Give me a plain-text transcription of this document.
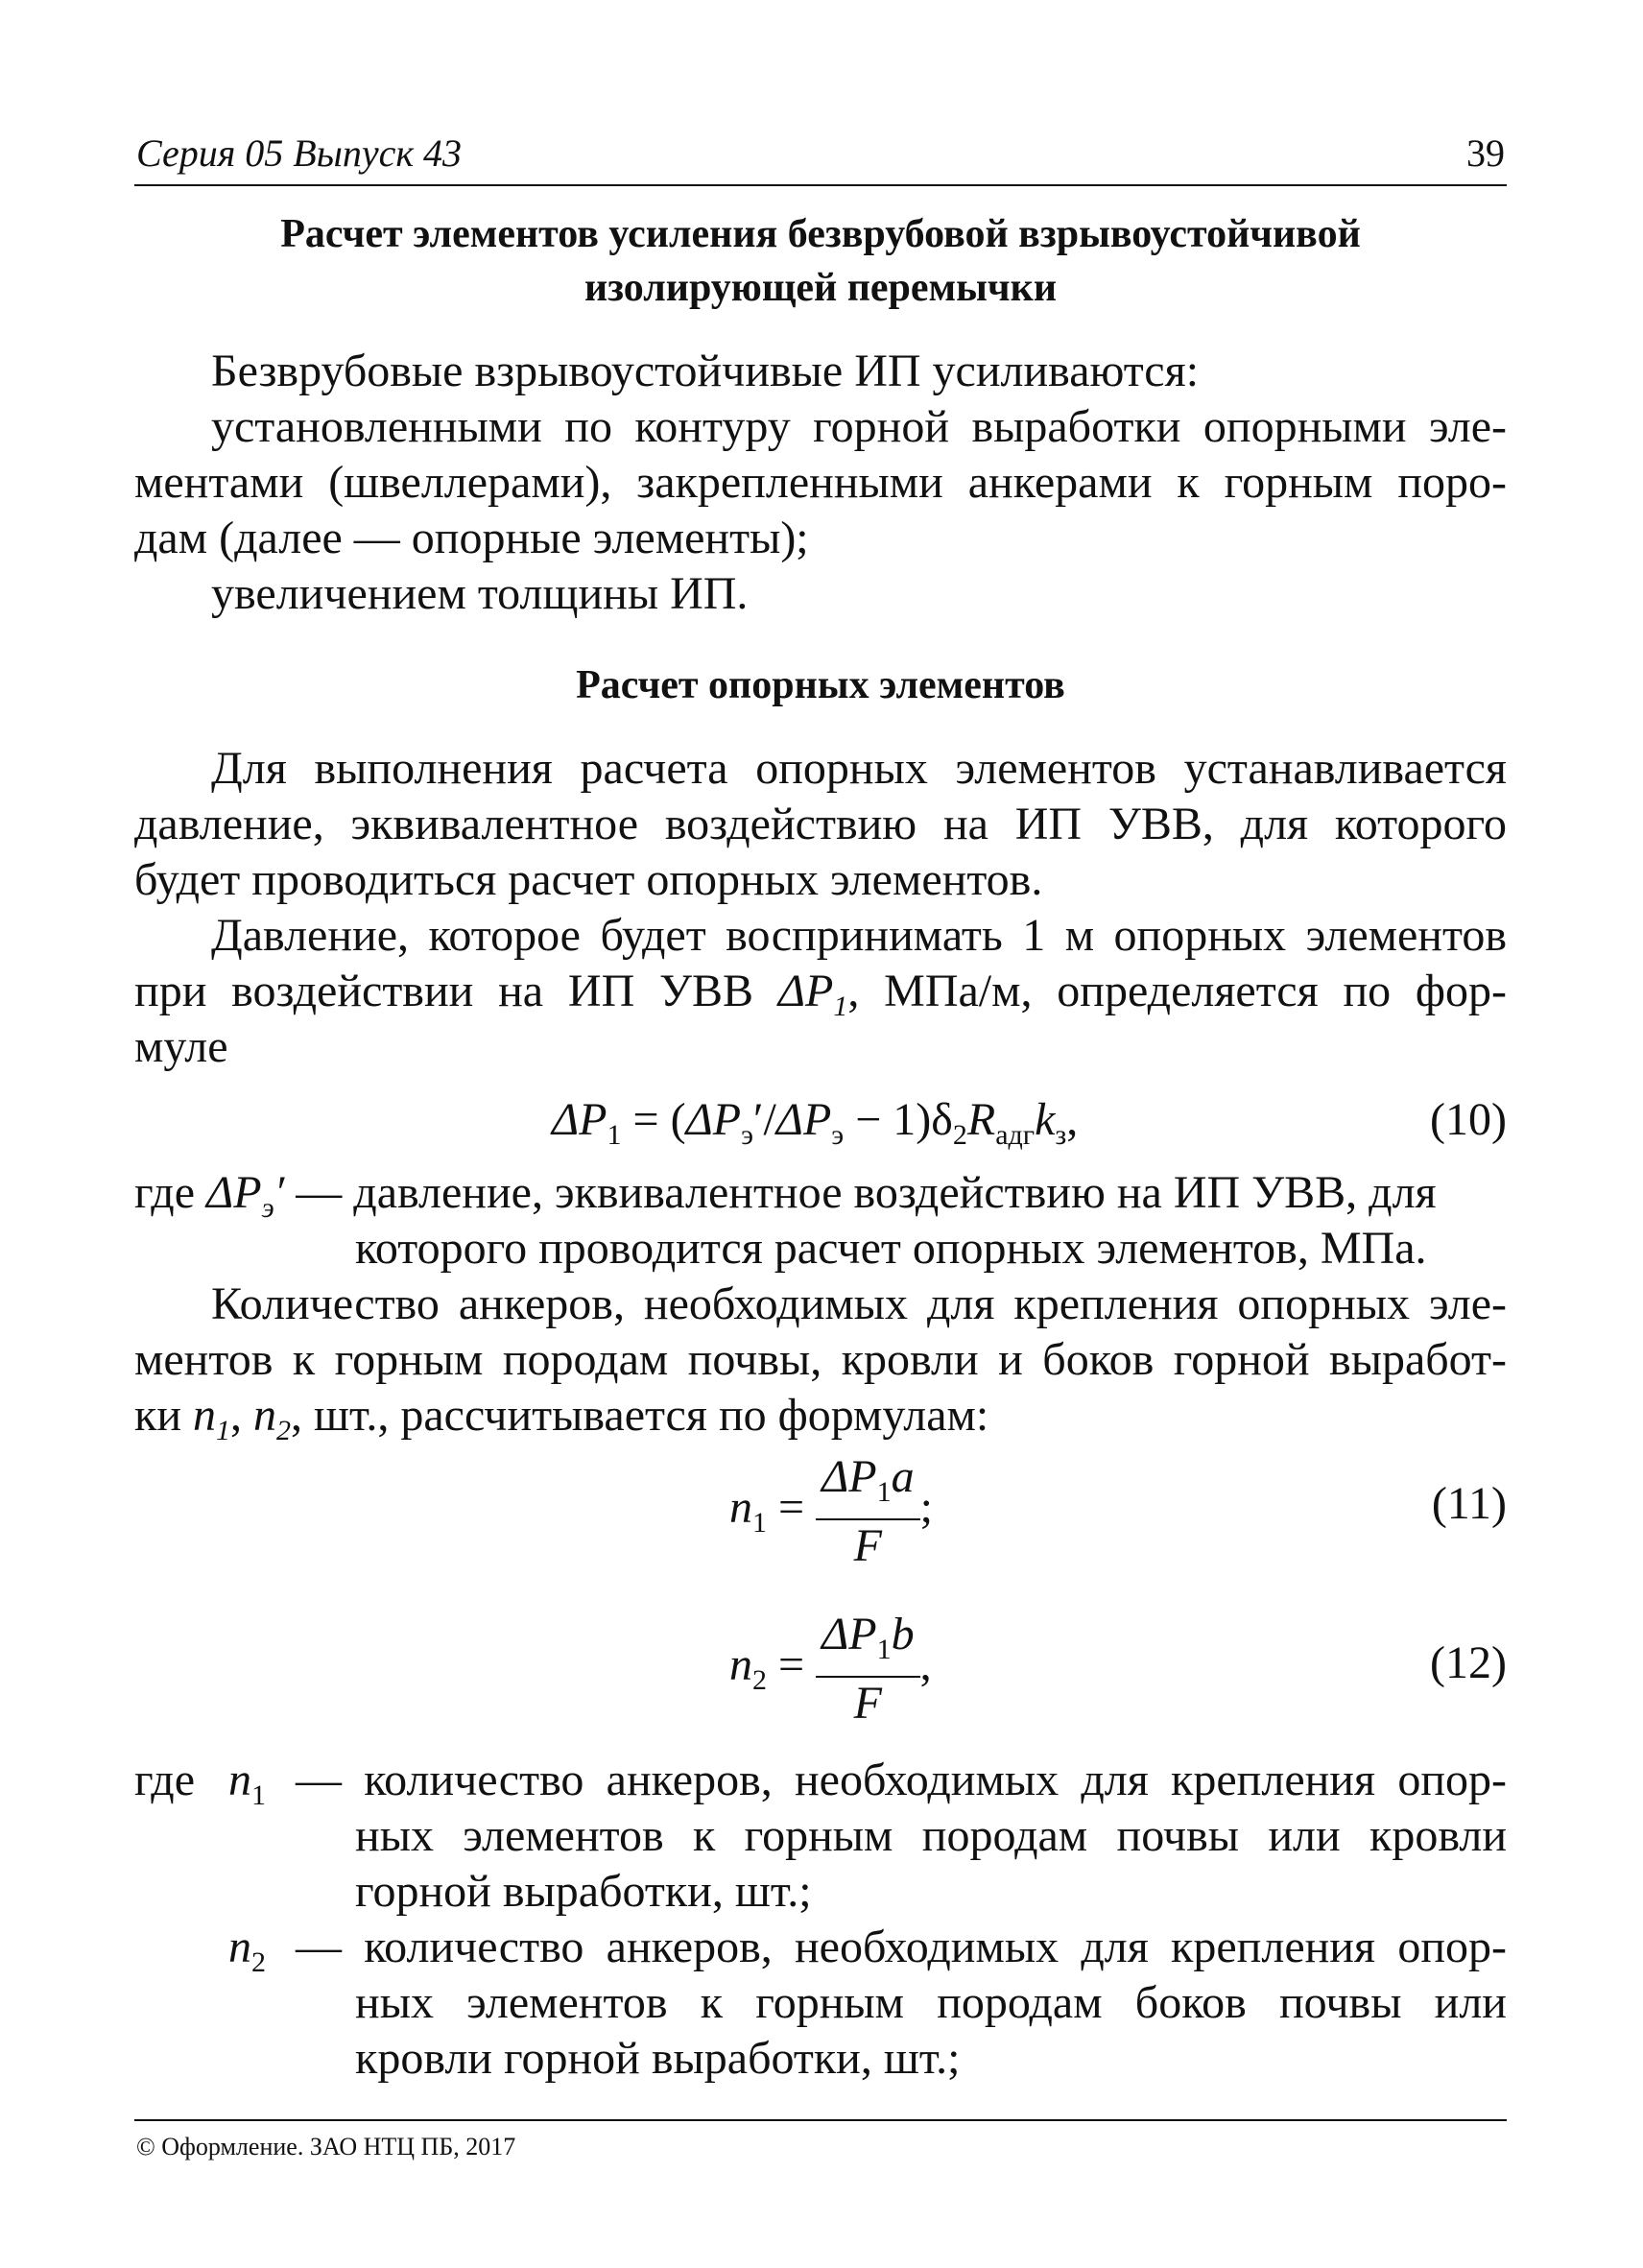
Серия 05 Выпуск 43	39
Расчет элементов усиления безврубовой взрывоустойчивой
изолирующей перемычки
Безврубовые взрывоустойчивые ИП усиливаются:
установленными по контуру горной выработки опорными эле-
ментами (швеллерами), закрепленными анкерами к горным поро-
дам (далее — опорные элементы);
увеличением толщины ИП.
Расчет опорных элементов
Для выполнения расчета опорных элементов устанавливается
давление, эквивалентное воздействию на ИП УВВ, для которого
будет проводиться расчет опорных элементов.
Давление, которое будет воспринимать 1 м опорных элементов
при воздействии на ИП УВВ $\Delta P_1$, МПа/м, определяется по фор-
муле
$\Delta P_1 = (\Delta P_э'/\Delta P_э - 1)\delta_2R_{адг}k_з$,	(10)
где $\Delta P_э'$ — давление, эквивалентное воздействию на ИП УВВ, для
которого проводится расчет опорных элементов, МПа.
Количество анкеров, необходимых для крепления опорных эле-
ментов к горным породам почвы, кровли и боков горной выработ-
ки $n_1$, $n_2$, шт., рассчитывается по формулам:
$n_1 = \frac{\Delta P_1a}{F}$ ;	(11)
$n_2 = \frac{\Delta P_1b}{F}$ ,	(12)
где $n_1$ — количество анкеров, необходимых для крепления опор-
ных элементов к горным породам почвы или кровли
горной выработки, шт.;
$n_2$ — количество анкеров, необходимых для крепления опор-
ных элементов к горным породам боков почвы или
кровли горной выработки, шт.;
© Оформление. ЗАО НТЦ ПБ, 2017
